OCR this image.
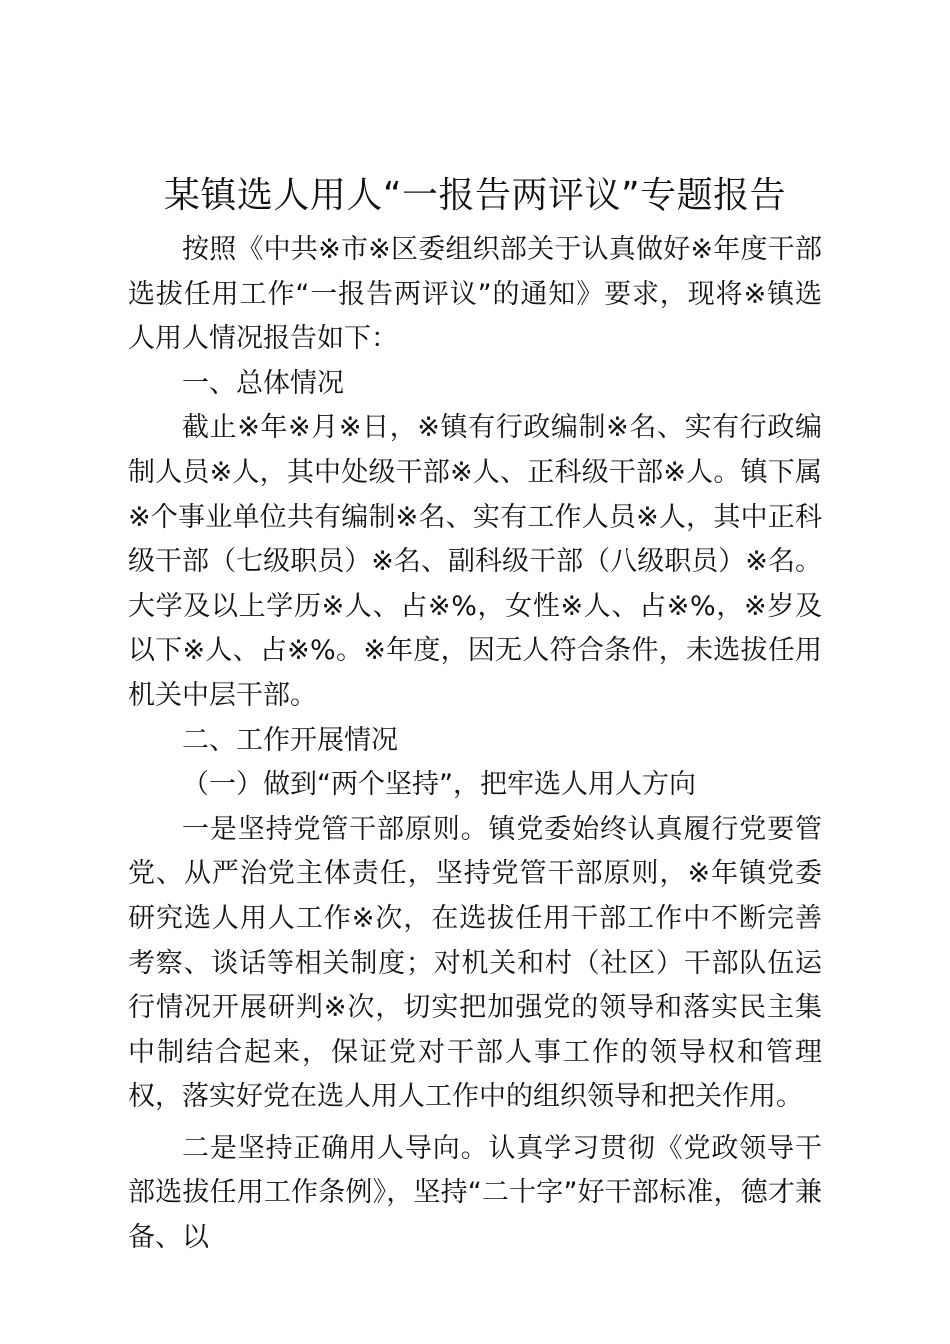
某镇选人用人“一报告两评议”专题报告

按照《中共※市※区委组织部关于认真做好※年度干部选拔任用工作“一报告两评议”的通知》要求，现将※镇选人用人情况报告如下：

一、总体情况

截止※年※月※日，※镇有行政编制※名、实有行政编制人员※人，其中处级干部※人、正科级干部※人。镇下属※个事业单位共有编制※名、实有工作人员※人，其中正科级干部（七级职员）※名、副科级干部（八级职员）※名。大学及以上学历※人、占※%，女性※人、占※%，※岁及以下※人、占※%。※年度，因无人符合条件，未选拔任用机关中层干部。

二、工作开展情况

（一）做到“两个坚持”，把牢选人用人方向

一是坚持党管干部原则。镇党委始终认真履行党要管党、从严治党主体责任，坚持党管干部原则，※年镇党委研究选人用人工作※次，在选拔任用干部工作中不断完善考察、谈话等相关制度；对机关和村（社区）干部队伍运行情况开展研判※次，切实把加强党的领导和落实民主集中制结合起来，保证党对干部人事工作的领导权和管理权，落实好党在选人用人工作中的组织领导和把关作用。

二是坚持正确用人导向。认真学习贯彻《党政领导干部选拔任用工作条例》，坚持“二十字”好干部标准，德才兼备、以
